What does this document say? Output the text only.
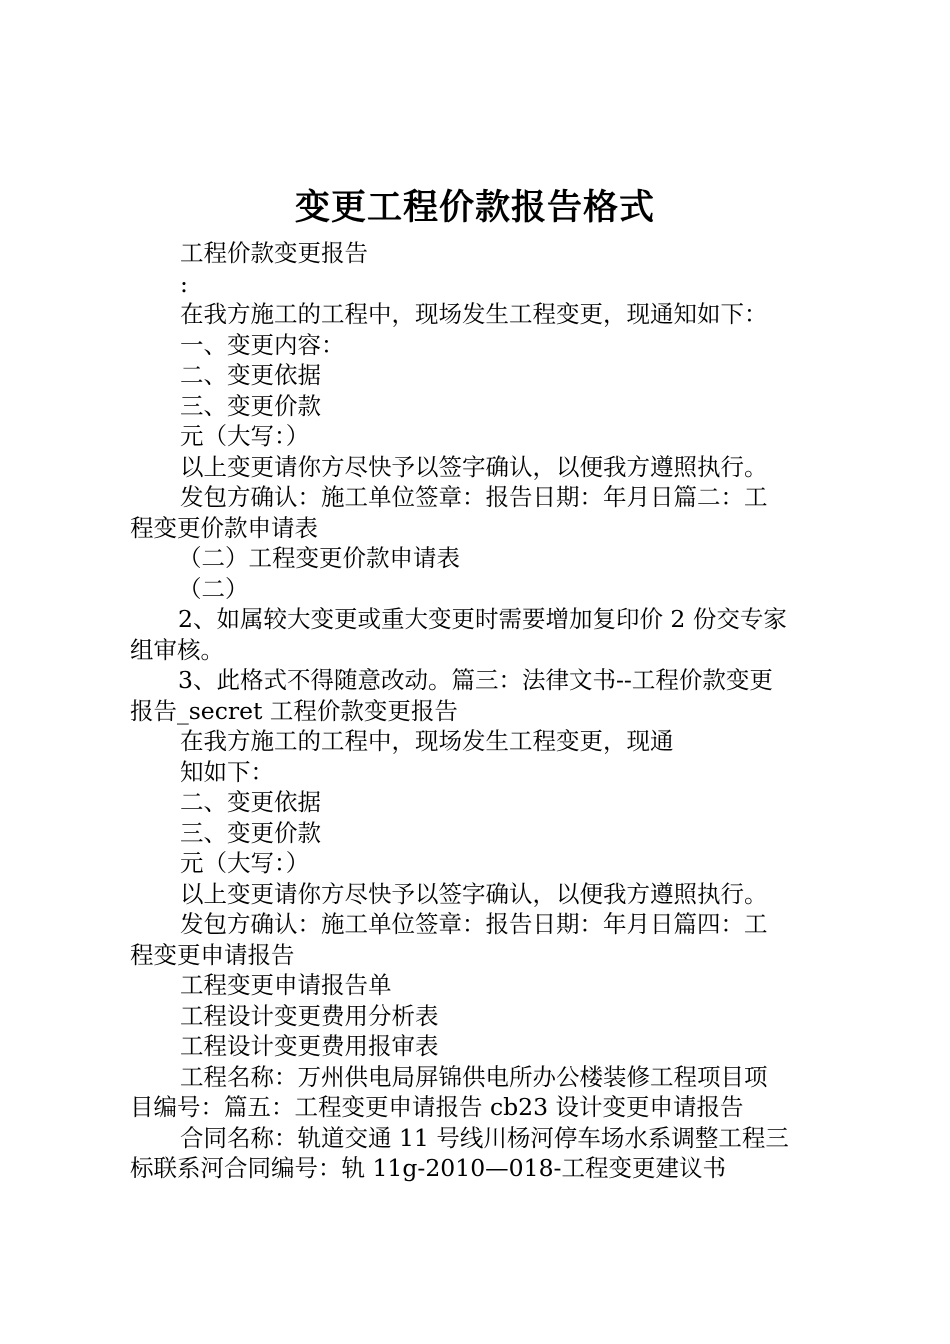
变更工程价款报告格式
工程价款变更报告
:
在我方施工的工程中，现场发生工程变更，现通知如下：
一、变更内容：
二、变更依据
三、变更价款
元（大写：）
以上变更请你方尽快予以签字确认，以便我方遵照执行。
发包方确认：施工单位签章：报告日期：年月日篇二：工
程变更价款申请表
（二）工程变更价款申请表
（二）
2、如属较大变更或重大变更时需要增加复印价 2 份交专家
组审核。
3、此格式不得随意改动。篇三：法律文书--工程价款变更
报告_secret 工程价款变更报告
在我方施工的工程中，现场发生工程变更，现通
知如下：
二、变更依据
三、变更价款
元（大写：）
以上变更请你方尽快予以签字确认，以便我方遵照执行。
发包方确认：施工单位签章：报告日期：年月日篇四：工
程变更申请报告
工程变更申请报告单
工程设计变更费用分析表
工程设计变更费用报审表
工程名称：万州供电局屏锦供电所办公楼装修工程项目项
目编号：篇五：工程变更申请报告 cb23 设计变更申请报告
合同名称：轨道交通 11 号线川杨河停车场水系调整工程三
标联系河合同编号：轨 11g-2010—018-工程变更建议书
